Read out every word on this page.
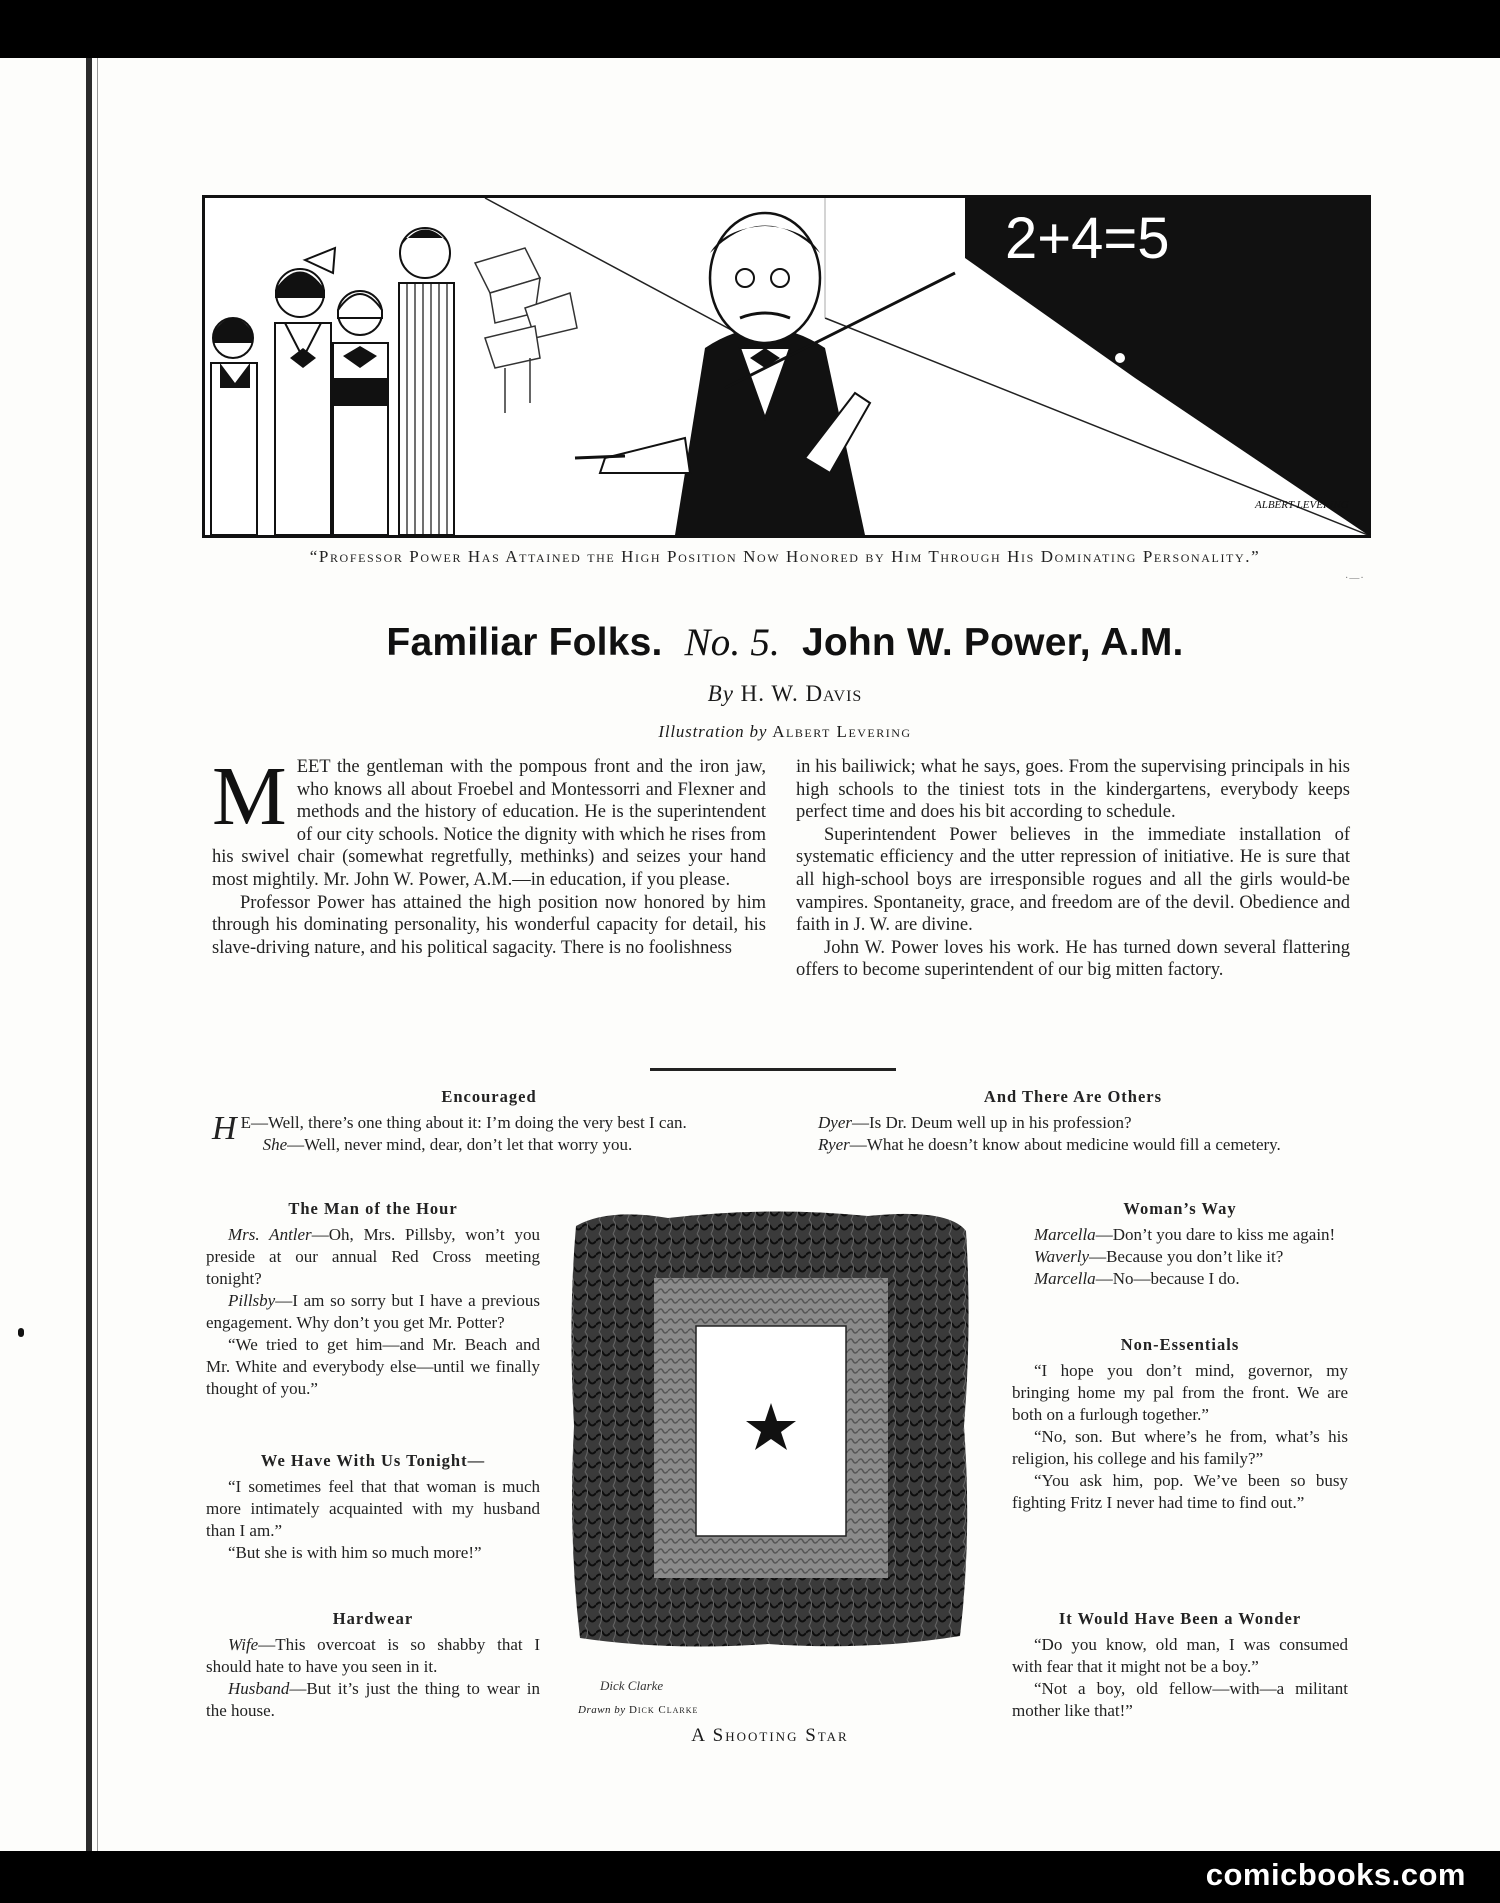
·—·
2+4=5
ALBERT LEVERING
“Professor Power Has Attained the High Position Now Honored by Him Through His Dominating Personality.”
Familiar Folks. No. 5. John W. Power, A.M.
By H. W. Davis
Illustration by Albert Levering

MEET the gentleman with the pompous front and the iron jaw, who knows all about Froebel and Montessorri and Flexner and methods and the history of education. He is the superintendent of our city schools. Notice the dignity with which he rises from his swivel chair (somewhat regretfully, methinks) and seizes your hand most mightily. Mr. John W. Power, A.M.—in education, if you please.

Professor Power has attained the high position now honored by him through his dominating personality, his wonderful capacity for detail, his slave-driving nature, and his political sagacity. There is no foolishness

in his bailiwick; what he says, goes. From the supervising principals in his high schools to the tiniest tots in the kindergartens, everybody keeps perfect time and does his bit according to schedule.

Superintendent Power believes in the immediate installation of systematic efficiency and the utter repression of initiative. He is sure that all high-school boys are irresponsible rogues and all the girls would-be vampires. Spontaneity, grace, and freedom are of the devil. Obedience and faith in J. W. are divine.

John W. Power loves his work. He has turned down several flattering offers to become superintendent of our big mitten factory.

Encouraged

H E—Well, there’s one thing about it: I’m doing the very best I can.

She—Well, never mind, dear, don’t let that worry you.

And There Are Others

Dyer—Is Dr. Deum well up in his profession?

Ryer—What he doesn’t know about medicine would fill a cemetery.

The Man of the Hour

Mrs. Antler—Oh, Mrs. Pillsby, won’t you preside at our annual Red Cross meeting tonight?

Pillsby—I am so sorry but I have a previous engagement. Why don’t you get Mr. Potter?

“We tried to get him—and Mr. Beach and Mr. White and everybody else—until we finally thought of you.”

We Have With Us Tonight—

“I sometimes feel that that woman is much more intimately acquainted with my husband than I am.”

“But she is with him so much more!”

Hardwear

Wife—This overcoat is so shabby that I should hate to have you seen in it.

Husband—But it’s just the thing to wear in the house.

Dick Clarke
Drawn by Dick Clarke
A Shooting Star
Woman’s Way

Marcella—Don’t you dare to kiss me again!

Waverly—Because you don’t like it?

Marcella—No—because I do.

Non-Essentials

“I hope you don’t mind, governor, my bringing home my pal from the front. We are both on a furlough together.”

“No, son. But where’s he from, what’s his religion, his college and his family?”

“You ask him, pop. We’ve been so busy fighting Fritz I never had time to find out.”

It Would Have Been a Wonder

“Do you know, old man, I was consumed with fear that it might not be a boy.”

“Not a boy, old fellow—with—a militant mother like that!”

comicbooks.com
